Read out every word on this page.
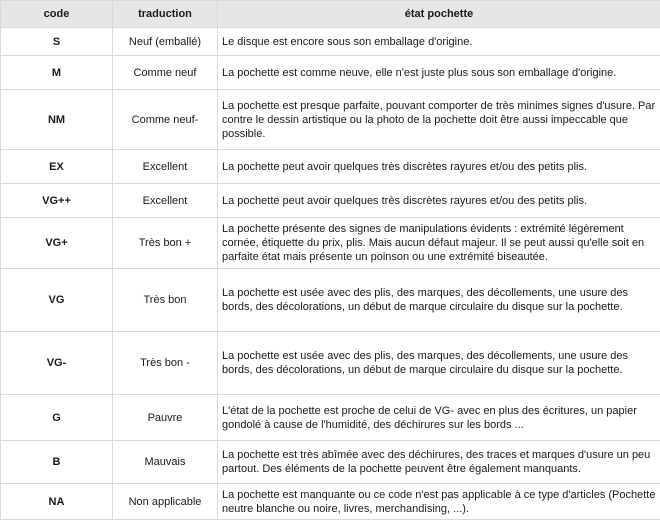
code	traduction	état pochette
S	Neuf (emballé)	Le disque est encore sous son emballage d'origine.
M	Comme neuf	La pochette est comme neuve, elle n'est juste plus sous son emballage d'origine.
NM	Comme neuf-	La pochette est presque parfaite, pouvant comporter de très minimes signes d'usure. Par contre le dessin artistique ou la photo de la pochette doit être aussi impeccable que possible.
EX	Excellent	La pochette peut avoir quelques très discrètes rayures et/ou des petits plis.
VG++	Excellent	La pochette peut avoir quelques très discrètes rayures et/ou des petits plis.
VG+	Très bon +	La pochette présente des signes de manipulations évidents : extrémité légèrement cornée, étiquette du prix, plis. Mais aucun défaut majeur. Il se peut aussi qu'elle soit en parfaite état mais présente un poinson ou une extrémité biseautée.
VG	Très bon	La pochette est usée avec des plis, des marques, des décollements, une usure des bords, des décolorations, un début de marque circulaire du disque sur la pochette.
VG-	Très bon -	La pochette est usée avec des plis, des marques, des décollements, une usure des bords, des décolorations, un début de marque circulaire du disque sur la pochette.
G	Pauvre	L'état de la pochette est proche de celui de VG- avec en plus des écritures, un papier gondolé à cause de l'humidité, des déchirures sur les bords ...
B	Mauvais	La pochette est très abîmée avec des déchirures, des traces et marques d'usure un peu partout. Des éléments de la pochette peuvent être également manquants.
NA	Non applicable	La pochette est manquante ou ce code n'est pas applicable à ce type d'articles (Pochette neutre blanche ou noire, livres, merchandising, ...).
